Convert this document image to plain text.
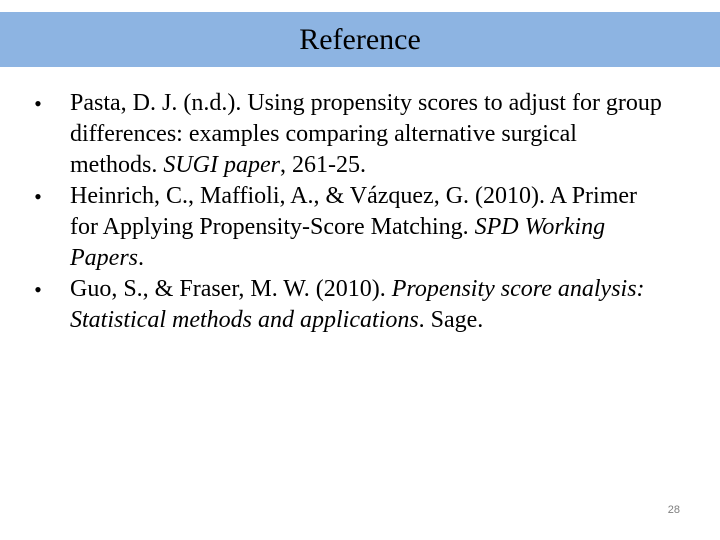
Reference
• Pasta, D. J. (n.d.). Using propensity scores to adjust for group differences: examples comparing alternative surgical methods. SUGI paper, 261-25.
• Heinrich, C., Maffioli, A., & Vázquez, G. (2010). A Primer for Applying Propensity-Score Matching. SPD Working Papers.
• Guo, S., & Fraser, M. W. (2010). Propensity score analysis: Statistical methods and applications. Sage.
28
